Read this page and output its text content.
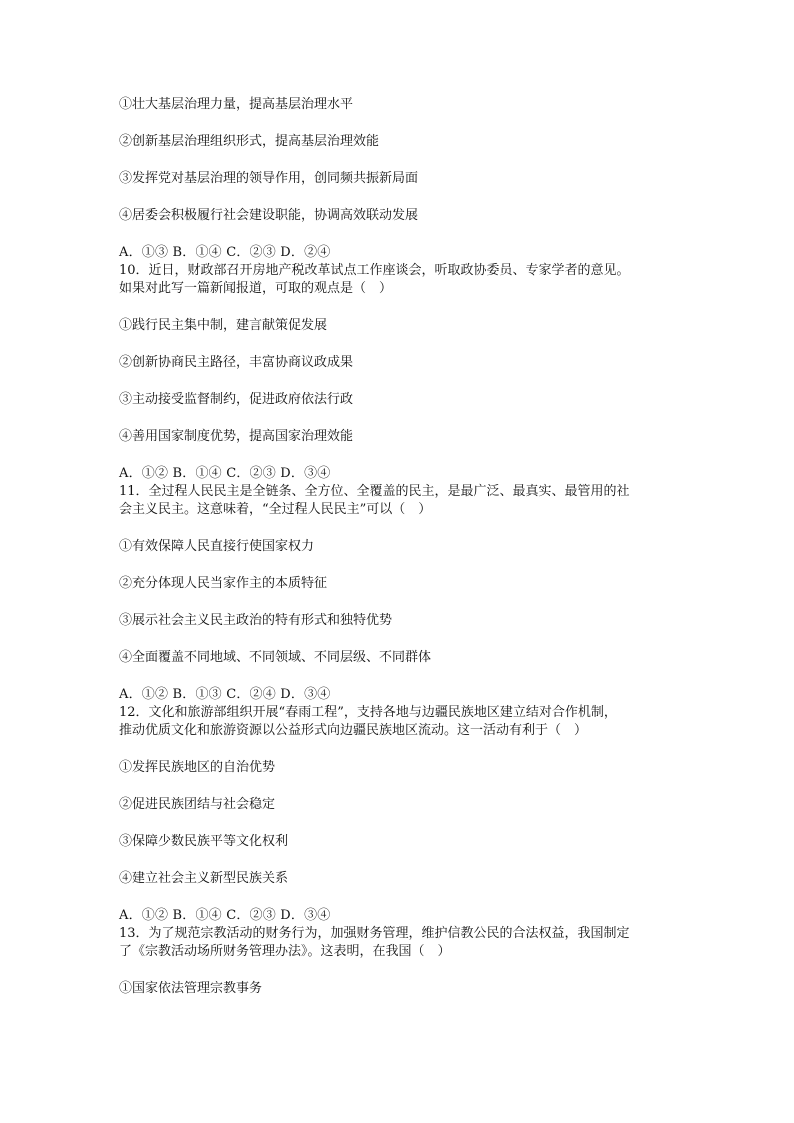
①壮大基层治理力量，提高基层治理水平
②创新基层治理组织形式，提高基层治理效能
③发挥党对基层治理的领导作用，创同频共振新局面
④居委会积极履行社会建设职能，协调高效联动发展
A．①③ B．①④ C．②③ D．②④
10．近日，财政部召开房地产税改革试点工作座谈会，听取政协委员、专家学者的意见。
如果对此写一篇新闻报道，可取的观点是（　）
①践行民主集中制，建言献策促发展
②创新协商民主路径，丰富协商议政成果
③主动接受监督制约，促进政府依法行政
④善用国家制度优势，提高国家治理效能
A．①② B．①④ C．②③ D．③④
11．全过程人民民主是全链条、全方位、全覆盖的民主，是最广泛、最真实、最管用的社
会主义民主。这意味着，“全过程人民民主”可以（　）
①有效保障人民直接行使国家权力
②充分体现人民当家作主的本质特征
③展示社会主义民主政治的特有形式和独特优势
④全面覆盖不同地域、不同领域、不同层级、不同群体
A．①② B．①③ C．②④ D．③④
12．文化和旅游部组织开展“春雨工程”，支持各地与边疆民族地区建立结对合作机制，
推动优质文化和旅游资源以公益形式向边疆民族地区流动。这一活动有利于（　）
①发挥民族地区的自治优势
②促进民族团结与社会稳定
③保障少数民族平等文化权利
④建立社会主义新型民族关系
A．①② B．①④ C．②③ D．③④
13．为了规范宗教活动的财务行为，加强财务管理，维护信教公民的合法权益，我国制定
了《宗教活动场所财务管理办法》。这表明，在我国（　）
①国家依法管理宗教事务
